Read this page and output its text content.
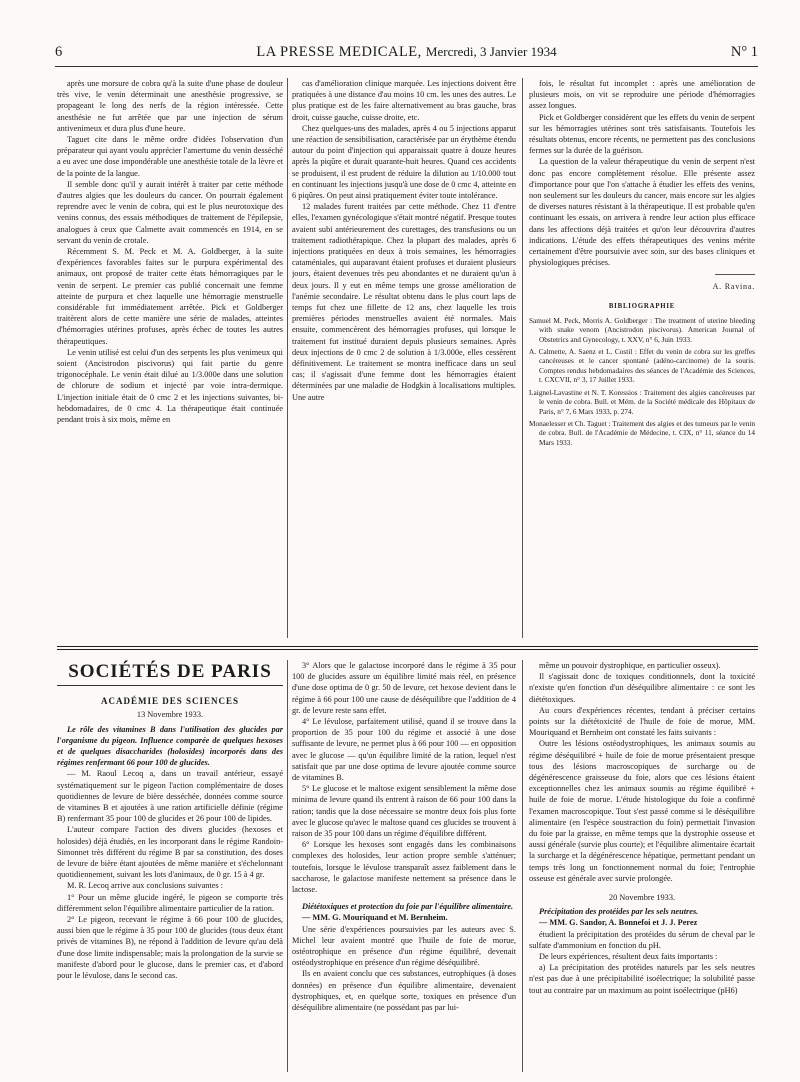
6	LA PRESSE MEDICALE, Mercredi, 3 Janvier 1934	N° 1

après une morsure de cobra qu'à la suite d'une phase de douleur très vive, le venin déterminait une anesthésie progressive, se propageant le long des nerfs de la région intéressée. Cette anesthésie ne fut arrêtée que par une injection de sérum antivenimeux et dura plus d'une heure.

Taguet cite dans le même ordre d'idées l'observation d'un préparateur qui ayant voulu apprécier l'amertume du venin desséché a eu avec une dose impondérable une anesthésie totale de la lèvre et de la pointe de la langue.

Il semble donc qu'il y aurait intérêt à traiter par cette méthode d'autres algies que les douleurs du cancer. On pourrait également reprendre avec le venin de cobra, qui est le plus neurotoxique des venins connus, des essais méthodiques de traitement de l'épilepsie, analogues à ceux que Calmette avait commencés en 1914, en se servant du venin de crotale.

Récemment S. M. Peck et M. A. Goldberger, à la suite d'expériences favorables faites sur le purpura expérimental des animaux, ont proposé de traiter cette états hémorragiques par le venin de serpent. Le premier cas publié concernait une femme atteinte de purpura et chez laquelle une hémorragie menstruelle considérable fut immédiatement arrêtée. Pick et Goldberger traitèrent alors de cette manière une série de malades, atteintes d'hémorragies utérines profuses, après échec de toutes les autres thérapeutiques.

Le venin utilisé est celui d'un des serpents les plus venimeux qui soient (Ancistrodon piscivorus) qui fait partie du genre trigonocéphale. Le venin était dilué au 1/3.000e dans une solution de chlorure de sodium et injecté par voie intra-dermique. L'injection initiale était de 0 cmc 2 et les injections suivantes, bi-hebdomadaires, de 0 cmc 4. La thérapeutique était continuée pendant trois à six mois, même en

cas d'amélioration clinique marquée. Les injections doivent être pratiquées à une distance d'au moins 10 cm. les unes des autres. Le plus pratique est de les faire alternativement au bras gauche, bras droit, cuisse gauche, cuisse droite, etc.

Chez quelques-uns des malades, après 4 ou 5 injections apparut une réaction de sensibilisation, caractérisée par un érythème étendu autour du point d'injection qui apparaissait quatre à douze heures après la piqûre et durait quarante-huit heures. Quand ces accidents se produisent, il est prudent de réduire la dilution au 1/10.000 tout en continuant les injections jusqu'à une dose de 0 cmc 4, atteinte en 6 piqûres. On peut ainsi pratiquement éviter toute intolérance.

12 malades furent traitées par cette méthode. Chez 11 d'entre elles, l'examen gynécologique s'était montré négatif. Presque toutes avaient subi antérieurement des curettages, des transfusions ou un traitement radiothérapique. Chez la plupart des malades, après 6 injections pratiquées en deux à trois semaines, les hémorragies cataméniales, qui auparavant étaient profuses et duraient plusieurs jours, étaient devenues très peu abondantes et ne duraient qu'un à deux jours. Il y eut en même temps une grosse amélioration de l'anémie secondaire. Le résultat obtenu dans le plus court laps de temps fut chez une fillette de 12 ans, chez laquelle les trois premières périodes menstruelles avaient été normales. Mais ensuite, commencèrent des hémorragies profuses, qui lorsque le traitement fut institué duraient depuis plusieurs semaines. Après deux injections de 0 cmc 2 de solution à 1/3.000e, elles cessèrent définitivement. Le traitement se montra inefficace dans un seul cas; il s'agissait d'une femme dont les hémorragies étaient déterminées par une maladie de Hodgkin à localisations multiples. Une autre

fois, le résultat fut incomplet : après une amélioration de plusieurs mois, on vit se reproduire une période d'hémorragies assez longues.

Pick et Goldberger considèrent que les effets du venin de serpent sur les hémorragies utérines sont très satisfaisants. Toutefois les résultats obtenus, encore récents, ne permettent pas des conclusions fermes sur la durée de la guérison.

La question de la valeur thérapeutique du venin de serpent n'est donc pas encore complètement résolue. Elle présente assez d'importance pour que l'on s'attache à étudier les effets des venins, non seulement sur les douleurs du cancer, mais encore sur les algies de diverses natures résistant à la thérapeutique. Il est probable qu'en continuant les essais, on arrivera à rendre leur action plus efficace dans les affections déjà traitées et qu'on leur découvrira d'autres indications. L'étude des effets thérapeutiques des venins mérite certainement d'être poursuivie avec soin, sur des bases cliniques et physiologiques précises.

A. Ravina.

BIBLIOGRAPHIE

Samuel M. Peck, Morris A. Goldberger : The treatment of uterine bleeding with snake venom (Ancistrodon piscivorus). American Journal of Obstetrics and Gynecology, t. XXV, n° 6, Juin 1933.

A. Calmette, A. Saenz et L. Costil : Effet du venin de cobra sur les greffes cancéreuses et le cancer spontané (adéno-carcinome) de la souris. Comptes rendus hebdomadaires des séances de l'Académie des Sciences, t. CXCVII, n° 3, 17 Juillet 1933.

Laignel-Lavastine et N. T. Koressios : Traitement des algies cancéreuses par le venin de cobra. Bull. et Mém. de la Société médicale des Hôpitaux de Paris, n° 7, 6 Mars 1933, p. 274.

Monaelesser et Ch. Taguet : Traitement des algies et des tumeurs par le venin de cobra. Bull. de l'Académie de Médecine, t. CIX, n° 11, séance du 14 Mars 1933.

SOCIÉTÉS DE PARIS

ACADÉMIE DES SCIENCES

13 Novembre 1933.

Le rôle des vitamines B dans l'utilisation des glucides par l'organisme du pigeon. Influence comparée de quelques hexoses et de quelques disaccharides (holosides) incorporés dans des régimes renfermant 66 pour 100 de glucides.

— M. Raoul Lecoq a, dans un travail antérieur, essayé systématiquement sur le pigeon l'action complémentaire de doses quotidiennes de levure de bière desséchée, données comme source de vitamines B et ajoutées à une ration artificielle définie (régime B) renfermant 35 pour 100 de glucides et 26 pour 100 de lipides.

L'auteur compare l'action des divers glucides (hexoses et holosides) déjà étudiés, en les incorporant dans le régime Randoin-Simonnet très différent du régime B par sa constitution, des doses de levure de bière étant ajoutées de même manière et s'échelonnant quotidiennement, suivant les lots d'animaux, de 0 gr. 15 à 4 gr.

M. R. Lecoq arrive aux conclusions suivantes :

1° Pour un même glucide ingéré, le pigeon se comporte très différemment selon l'équilibre alimentaire particulier de la ration.

2° Le pigeon, recevant le régime à 66 pour 100 de glucides, aussi bien que le régime à 35 pour 100 de glucides (tous deux étant privés de vitamines B), ne répond à l'addition de levure qu'au delà d'une dose limite indispensable; mais la prolongation de la survie se manifeste d'abord pour le glucose, dans le premier cas, et d'abord pour le lévulose, dans le second cas.

3° Alors que le galactose incorporé dans le régime à 35 pour 100 de glucides assure un équilibre limité mais réel, en présence d'une dose optima de 0 gr. 50 de levure, cet hexose devient dans le régime à 66 pour 100 une cause de déséquilibre que l'addition de 4 gr. de levure reste sans effet.

4° Le lévulose, parfaitement utilisé, quand il se trouve dans la proportion de 35 pour 100 du régime et associé à une dose suffisante de levure, ne permet plus à 66 pour 100 — en opposition avec le glucose — qu'un équilibre limité de la ration, lequel n'est satisfait que par une dose optima de levure ajoutée comme source de vitamines B.

5° Le glucose et le maltose exigent sensiblement la même dose minima de levure quand ils entrent à raison de 66 pour 100 dans la ration; tandis que la dose nécessaire se montre deux fois plus forte avec le glucose qu'avec le maltose quand ces glucides se trouvent à raison de 35 pour 100 dans un régime d'équilibre différent.

6° Lorsque les hexoses sont engagés dans les combinaisons complexes des holosides, leur action propre semble s'atténuer; toutefois, lorsque le lévulose transparaît assez faiblement dans le saccharose, le galactose manifeste nettement sa présence dans le lactose.

Diététoxiques et protection du foie par l'équilibre alimentaire.

— MM. G. Mouriquand et M. Bernheim.

Une série d'expériences poursuivies par les auteurs avec S. Michel leur avaient montré que l'huile de foie de morue, ostéotrophique en présence d'un régime équilibré, devenait ostéodystrophique en présence d'un régime déséquilibré.

Ils en avaient conclu que ces substances, eutrophiques (à doses données) en présence d'un équilibre alimentaire, devenaient dystrophiques, et, en quelque sorte, toxiques en présence d'un déséquilibre alimentaire (ne possédant pas par lui-

même un pouvoir dystrophique, en particulier osseux).

Il s'agissait donc de toxiques conditionnels, dont la toxicité n'existe qu'en fonction d'un déséquilibre alimentaire : ce sont les diététoxiques.

Au cours d'expériences récentes, tendant à préciser certains points sur la diététoxicité de l'huile de foie de morue, MM. Mouriquand et Bernheim ont constaté les faits suivants :

Outre les lésions ostéodystrophiques, les animaux soumis au régime déséquilibré + huile de foie de morue présentaient presque tous des lésions macroscopiques de surcharge ou de dégénérescence graisseuse du foie, alors que ces lésions étaient exceptionnelles chez les animaux soumis au régime équilibré + huile de foie de morue. L'étude histologique du foie a confirmé l'examen macroscopique. Tout s'est passé comme si le déséquilibre alimentaire (en l'espèce soustraction du foin) permettait l'invasion du foie par la graisse, en même temps que la dystrophie osseuse et aussi générale (survie plus courte); et l'équilibre alimentaire écartait la surcharge et la dégénérescence hépatique, permettant pendant un temps très long un fonctionnement normal du foie; l'entrophie osseuse est générale avec survie prolongée.

20 Novembre 1933.

Précipitation des protéides par les sels neutres.

— MM. G. Sandor, A. Bonnefoi et J. J. Perez

étudient la précipitation des protéides du sérum de cheval par le sulfate d'ammonium en fonction du pH.

De leurs expériences, résultent deux faits importants :

a) La précipitation des protéides naturels par les sels neutres n'est pas due à une précipitabilité isoélectrique; la solubilité passe tout au contraire par un maximum au point isoélectrique (pH6)
